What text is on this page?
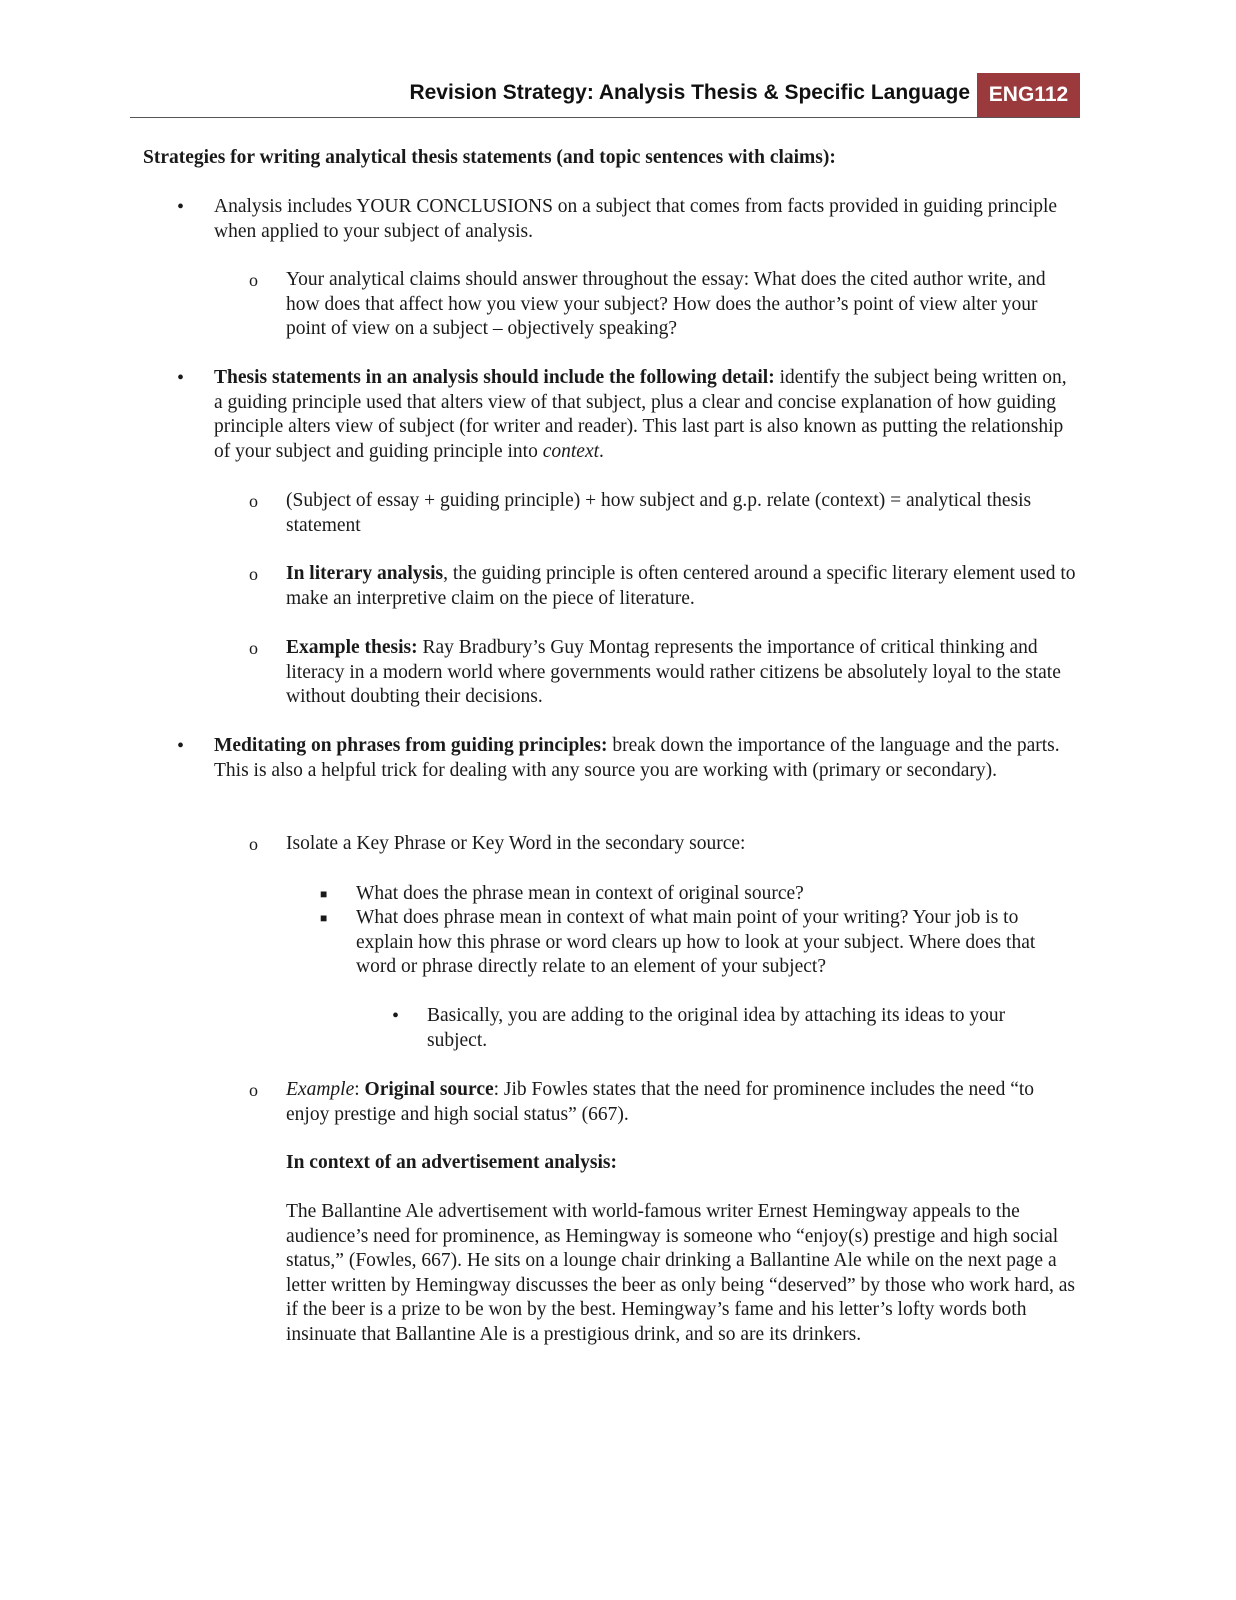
Revision Strategy: Analysis Thesis & Specific Language ENG112

Strategies for writing analytical thesis statements (and topic sentences with claims):

• Analysis includes YOUR CONCLUSIONS on a subject that comes from facts provided in guiding principle when applied to your subject of analysis.

o Your analytical claims should answer throughout the essay: What does the cited author write, and how does that affect how you view your subject? How does the author’s point of view alter your point of view on a subject – objectively speaking?

• Thesis statements in an analysis should include the following detail: identify the subject being written on, a guiding principle used that alters view of that subject, plus a clear and concise explanation of how guiding principle alters view of subject (for writer and reader). This last part is also known as putting the relationship of your subject and guiding principle into context.

o (Subject of essay + guiding principle) + how subject and g.p. relate (context) = analytical thesis statement

o In literary analysis, the guiding principle is often centered around a specific literary element used to make an interpretive claim on the piece of literature.

o Example thesis: Ray Bradbury’s Guy Montag represents the importance of critical thinking and literacy in a modern world where governments would rather citizens be absolutely loyal to the state without doubting their decisions.

• Meditating on phrases from guiding principles: break down the importance of the language and the parts. This is also a helpful trick for dealing with any source you are working with (primary or secondary).

o Isolate a Key Phrase or Key Word in the secondary source:

■ What does the phrase mean in context of original source?

■ What does phrase mean in context of what main point of your writing? Your job is to explain how this phrase or word clears up how to look at your subject. Where does that word or phrase directly relate to an element of your subject?

• Basically, you are adding to the original idea by attaching its ideas to your subject.

o Example: Original source: Jib Fowles states that the need for prominence includes the need “to enjoy prestige and high social status” (667).

In context of an advertisement analysis:

The Ballantine Ale advertisement with world-famous writer Ernest Hemingway appeals to the audience’s need for prominence, as Hemingway is someone who “enjoy(s) prestige and high social status,” (Fowles, 667). He sits on a lounge chair drinking a Ballantine Ale while on the next page a letter written by Hemingway discusses the beer as only being “deserved” by those who work hard, as if the beer is a prize to be won by the best. Hemingway’s fame and his letter’s lofty words both insinuate that Ballantine Ale is a prestigious drink, and so are its drinkers.
